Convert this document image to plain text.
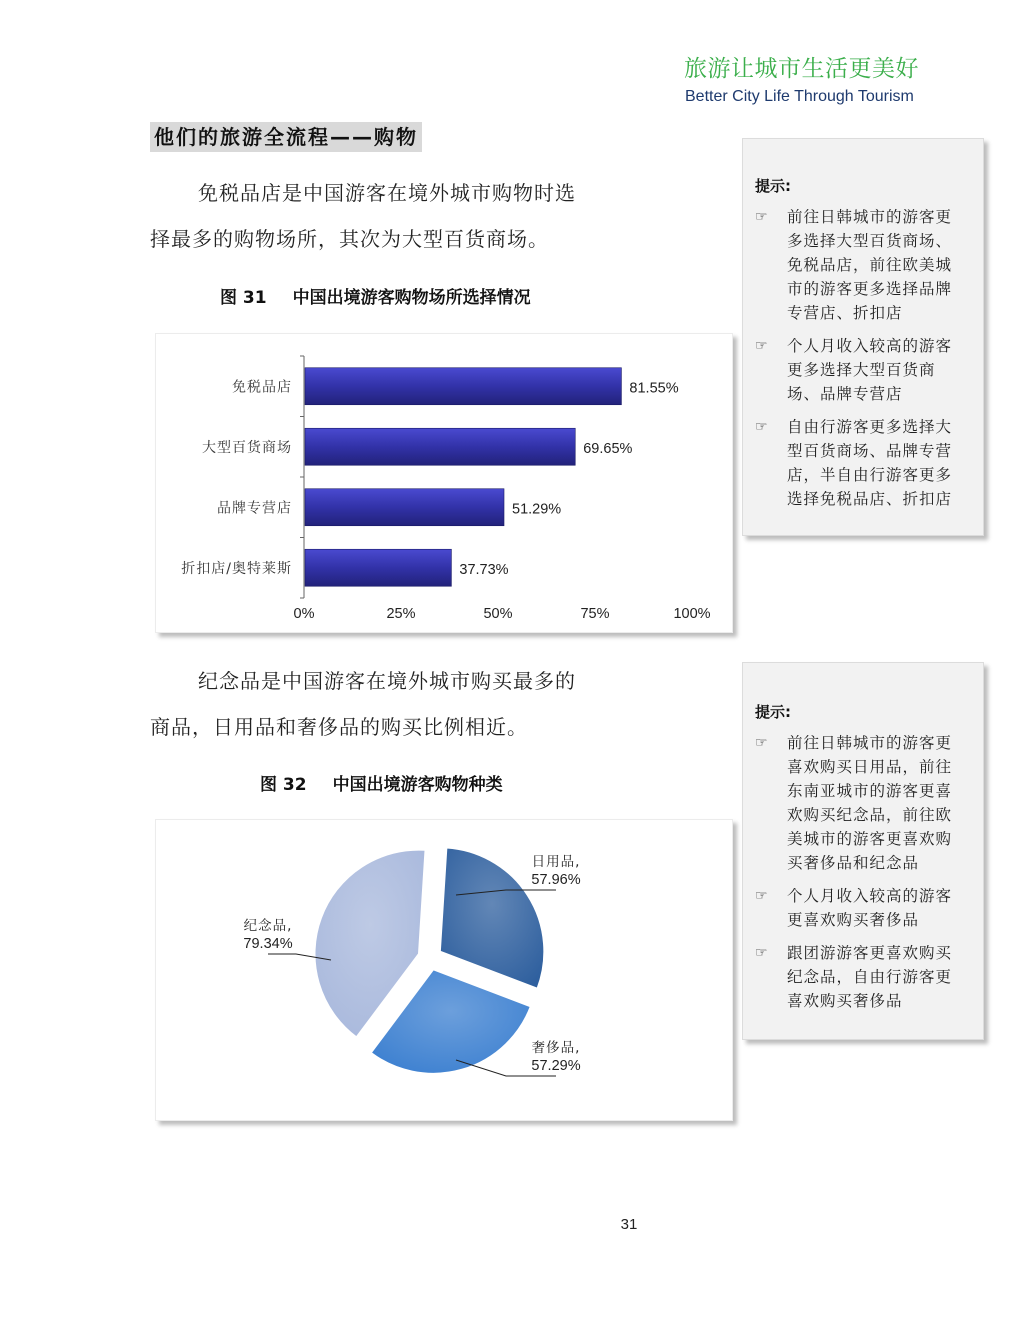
旅游让城市生活更美好
Better City Life Through Tourism
他们的旅游全流程——购物
免税品店是中国游客在境外城市购物时选
择最多的购物场所，其次为大型百货商场。
图 31 中国出境游客购物场所选择情况
免税品店	81.55%
大型百货商场	69.65%
品牌专营店	51.29%
折扣店/奥特莱斯	37.73%
0%	25%	50%	75%	100%
提示:
☞	前往日韩城市的游客更
多选择大型百货商场、
免税品店，前往欧美城
市的游客更多选择品牌
专营店、折扣店
☞	个人月收入较高的游客
更多选择大型百货商
场、品牌专营店
☞	自由行游客更多选择大
型百货商场、品牌专营
店，半自由行游客更多
选择免税品店、折扣店
纪念品是中国游客在境外城市购买最多的
商品，日用品和奢侈品的购买比例相近。
图 32 中国出境游客购物种类
日用品,
57.96%
奢侈品,
57.29%
纪念品,
79.34%
提示:
☞	前往日韩城市的游客更
喜欢购买日用品，前往
东南亚城市的游客更喜
欢购买纪念品，前往欧
美城市的游客更喜欢购
买奢侈品和纪念品
☞	个人月收入较高的游客
更喜欢购买奢侈品
☞	跟团游游客更喜欢购买
纪念品，自由行游客更
喜欢购买奢侈品
31
